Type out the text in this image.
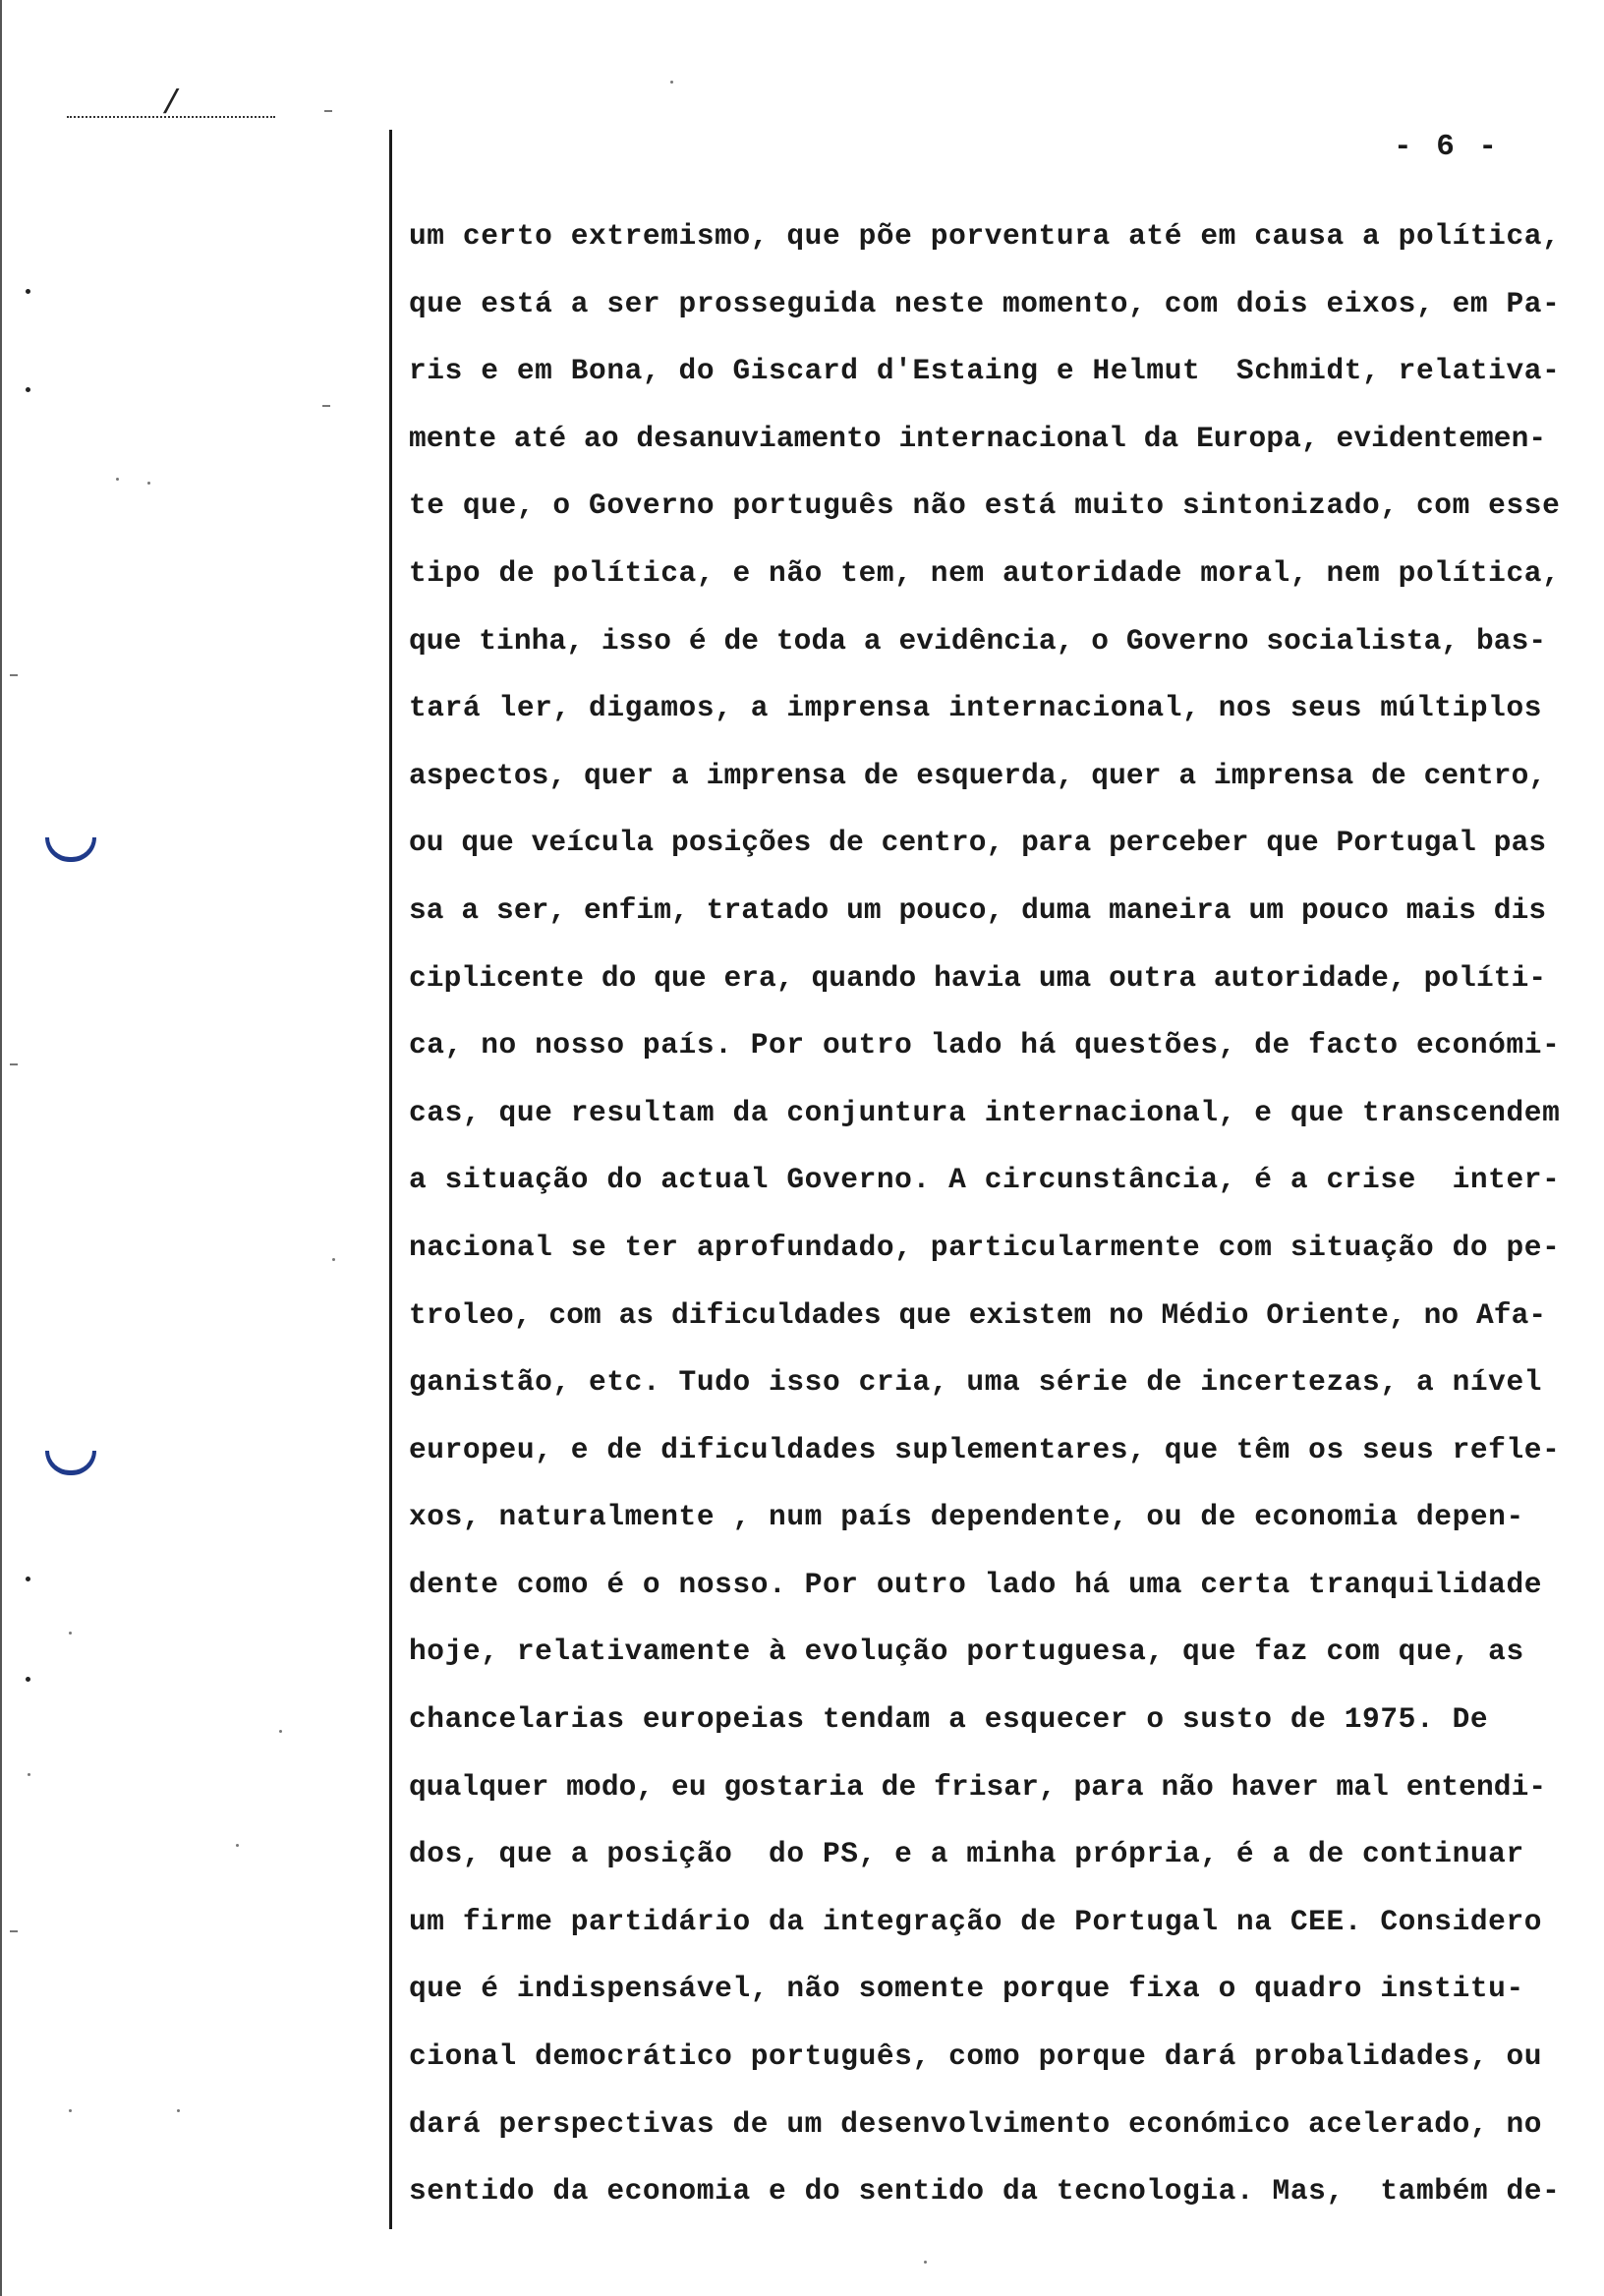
/
- 6 -
um certo extremismo, que põe porventura até em causa a política,
que está a ser prosseguida neste momento, com dois eixos, em Pa-
ris e em Bona, do Giscard d'Estaing e Helmut  Schmidt, relativa-
mente até ao desanuviamento internacional da Europa, evidentemen-
te que, o Governo português não está muito sintonizado, com esse
tipo de política, e não tem, nem autoridade moral, nem política,
que tinha, isso é de toda a evidência, o Governo socialista, bas-
tará ler, digamos, a imprensa internacional, nos seus múltiplos
aspectos, quer a imprensa de esquerda, quer a imprensa de centro,
ou que veícula posições de centro, para perceber que Portugal pas
sa a ser, enfim, tratado um pouco, duma maneira um pouco mais dis
ciplicente do que era, quando havia uma outra autoridade, políti-
ca, no nosso país. Por outro lado há questões, de facto económi-
cas, que resultam da conjuntura internacional, e que transcendem
a situação do actual Governo. A circunstância, é a crise  inter-
nacional se ter aprofundado, particularmente com situação do pe-
troleo, com as dificuldades que existem no Médio Oriente, no Afa-
ganistão, etc. Tudo isso cria, uma série de incertezas, a nível
europeu, e de dificuldades suplementares, que têm os seus refle-
xos, naturalmente , num país dependente, ou de economia depen-
dente como é o nosso. Por outro lado há uma certa tranquilidade
hoje, relativamente à evolução portuguesa, que faz com que, as
chancelarias europeias tendam a esquecer o susto de 1975. De
qualquer modo, eu gostaria de frisar, para não haver mal entendi-
dos, que a posição  do PS, e a minha própria, é a de continuar
um firme partidário da integração de Portugal na CEE. Considero
que é indispensável, não somente porque fixa o quadro institu-
cional democrático português, como porque dará probalidades, ou
dará perspectivas de um desenvolvimento económico acelerado, no
sentido da economia e do sentido da tecnologia. Mas,  também de-
